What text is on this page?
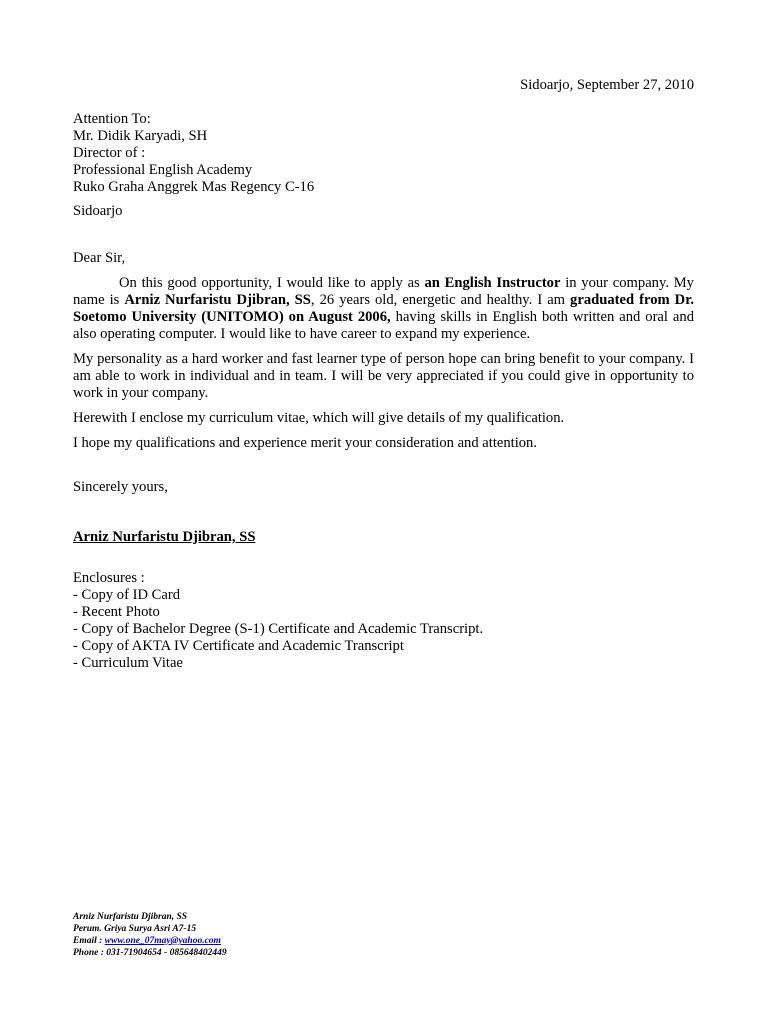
Sidoarjo, September 27, 2010
Attention To:
Mr. Didik Karyadi, SH
Director of :
Professional English Academy
Ruko Graha Anggrek Mas Regency C-16
Sidoarjo
Dear Sir,

On this good opportunity, I would like to apply as an English Instructor in your company. My name is Arniz Nurfaristu Djibran, SS, 26 years old, energetic and healthy. I am graduated from Dr. Soetomo University (UNITOMO) on August 2006, having skills in English both written and oral and also operating computer. I would like to have career to expand my experience.

My personality as a hard worker and fast learner type of person hope can bring benefit to your company. I am able to work in individual and in team. I will be very appreciated if you could give in opportunity to work in your company.

Herewith I enclose my curriculum vitae, which will give details of my qualification.

I hope my qualifications and experience merit your consideration and attention.

Sincerely yours,
Arniz Nurfaristu Djibran, SS
Enclosures :
- Copy of ID Card
- Recent Photo
- Copy of Bachelor Degree (S-1) Certificate and Academic Transcript.
- Copy of AKTA IV Certificate and Academic Transcript
- Curriculum Vitae
Arniz Nurfaristu Djibran, SS
Perum. Griya Surya Asri A7-15
Email : www.one_07may@yahoo.com
Phone : 031-71904654 - 085648402449
